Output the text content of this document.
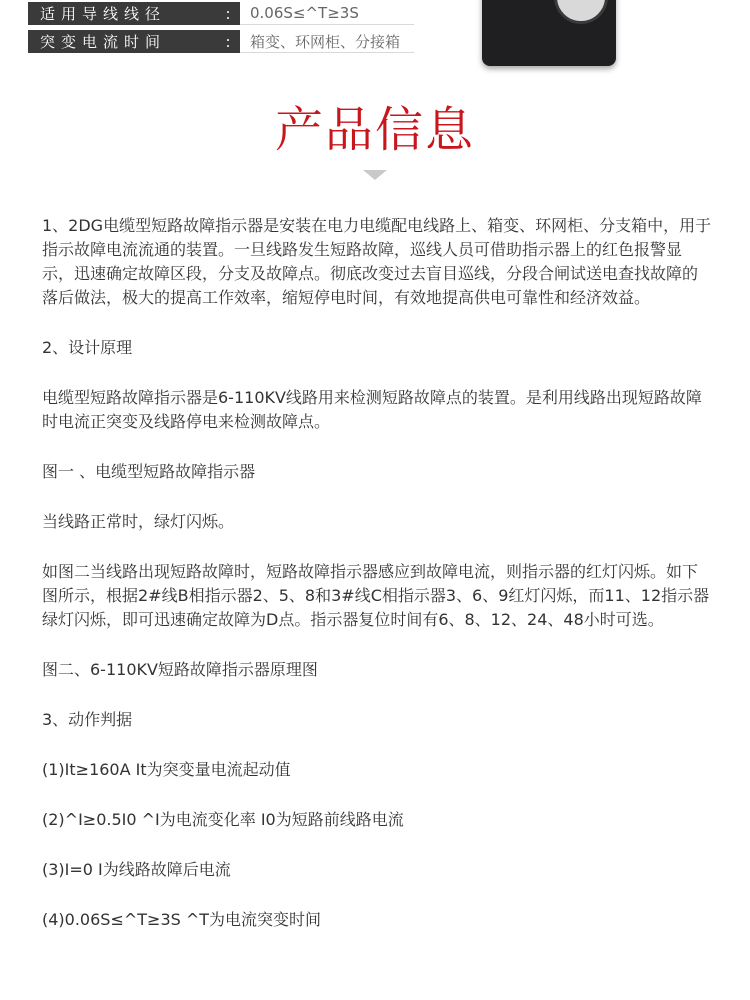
适用导线线径	:	0.06S≤^T≥3S
突变电流时间	:	箱变、环网柜、分接箱
产品信息

1、2DG电缆型短路故障指示器是安装在电力电缆配电线路上、箱变、环网柜、分支箱中，用于指示故障电流流通的装置。一旦线路发生短路故障，巡线人员可借助指示器上的红色报警显示，迅速确定故障区段，分支及故障点。彻底改变过去盲目巡线，分段合闸试送电查找故障的落后做法，极大的提高工作效率，缩短停电时间，有效地提高供电可靠性和经济效益。

2、设计原理

电缆型短路故障指示器是6-110KV线路用来检测短路故障点的装置。是利用线路出现短路故障时电流正突变及线路停电来检测故障点。

图一 、电缆型短路故障指示器

当线路正常时，绿灯闪烁。

如图二当线路出现短路故障时，短路故障指示器感应到故障电流，则指示器的红灯闪烁。如下图所示，根据2#线B相指示器2、5、8和3#线C相指示器3、6、9红灯闪烁，而11、12指示器绿灯闪烁，即可迅速确定故障为D点。指示器复位时间有6、8、12、24、48小时可选。

图二、6-110KV短路故障指示器原理图

3、动作判据

(1)It≥160A It为突变量电流起动值

(2)^I≥0.5I0 ^I为电流变化率 I0为短路前线路电流

(3)I=0 I为线路故障后电流

(4)0.06S≤^T≥3S ^T为电流突变时间
